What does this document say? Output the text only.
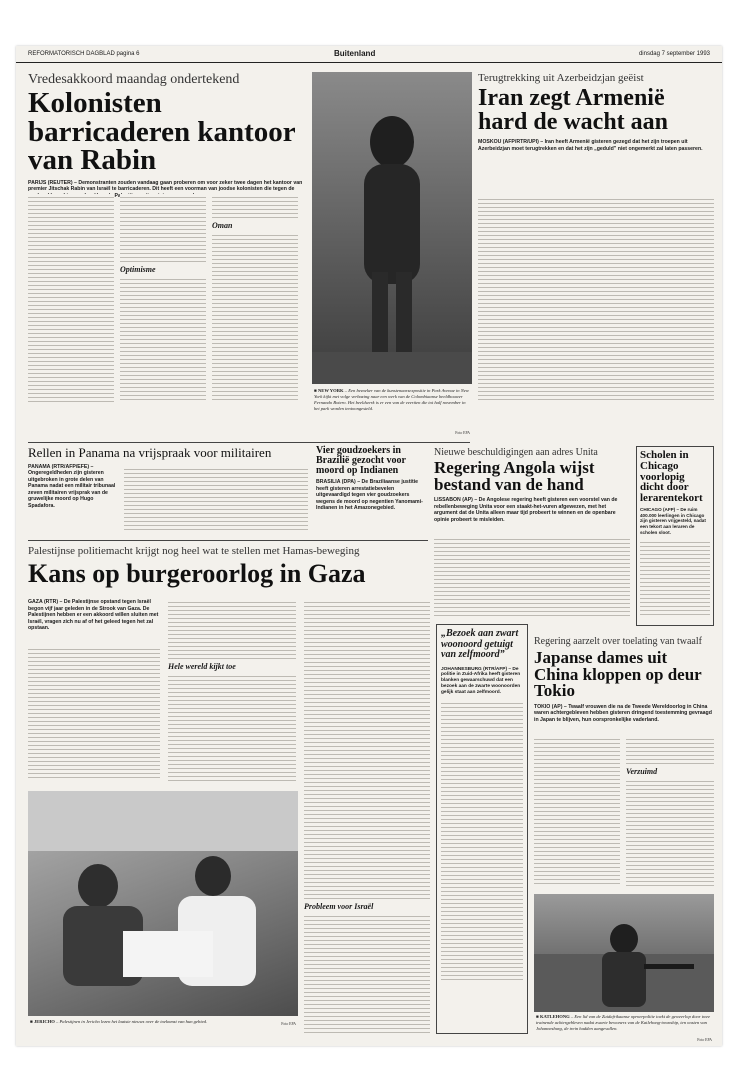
REFORMATORISCH DAGBLAD pagina 6	Buitenland	dinsdag 7 september 1993
Vredesakkoord maandag ondertekend
Kolonisten barricaderen kantoor van Rabin
PARIJS (REUTER) – Demonstranten zouden vandaag gaan proberen om voor zeker twee dagen het kantoor van premier Jitschak Rabin van Israël te barricaderen. Dit heeft een voorman van joodse kolonisten die tegen de
Optimisme
Oman
■ NEW YORK – Een bezoeker van de kunstenaarsexpositie in Park Avenue in New York kijkt met volge verbazing naar een werk van de Colombiaanse beeldhouwer Fernando Botero. Het beeldwerk is er een van de veertien die tot half november in het park worden tentoongesteld.
Foto EPA
Terugtrekking uit Azerbeidzjan geëist
Iran zegt Armenië hard de wacht aan
MOSKOU (AFP/RTR/UPI) – Iran heeft Armenië gisteren gezegd dat het zijn troepen uit Azerbeidzjan moet terugtrekken en dat het zijn „geduld” niet ongemerkt zal laten passeren.
Rellen in Panama na vrijspraak voor militairen
PANAMA (RTR/AFP/EFE) – Ongeregeldheden zijn gisteren uitgebroken in grote delen van Panama nadat een militair tribunaal zeven militairen vrijsprak van de gruwelijke moord op Hugo Spadafora.
Vier goudzoekers in Brazilië gezocht voor moord op Indianen
BRASILIA (DPA) – De Braziliaanse justitie heeft gisteren arrestatiebevelen uitgevaardigd tegen vier goudzoekers wegens de moord op negentien Yanomami-Indianen in het Amazonegebied.
Nieuwe beschuldigingen aan adres Unita
Regering Angola wijst bestand van de hand
LISSABON (AP) – De Angolese regering heeft gisteren een voorstel van de rebellenbeweging Unita voor een staakt-het-vuren afgewezen, met het argument dat de Unita alleen maar tijd probeert te winnen en de openbare opinie probeert te misleiden.
Scholen in Chicago voorlopig dicht door lerarentekort
CHICAGO (AFP) – De ruim 400.000 leerlingen in Chicago zijn gisteren vrijgesteld, nadat een tekort aan leraren de scholen sloot.
Palestijnse politiemacht krijgt nog heel wat te stellen met Hamas-beweging
Kans op burgeroorlog in Gaza
GAZA (RTR) – De Palestijnse opstand tegen Israël begon vijf jaar geleden in de Strook van Gaza. De Palestijnen hebben er een akkoord willen sluiten met Israël, vragen zich nu af of het geleed tegen het zal opstaan.
Hele wereld kijkt toe
Probleem voor Israël
■ JERICHO – Palestijnen in Jericho lezen het laatste nieuws over de toekomst van hun gebied.	Foto EPA
„Bezoek aan zwart woonoord getuigt van zelfmoord”
JOHANNESBURG (RTR/AFP) – De politie in Zuid-Afrika heeft gisteren blanken gewaarschuwd dat een bezoek aan de zwarte woonoorden gelijk staat aan zelfmoord.
Regering aarzelt over toelating van twaalf
Japanse dames uit China kloppen op deur Tokio
TOKIO (AP) – Twaalf vrouwen die na de Tweede Wereldoorlog in China waren achtergebleven hebben gisteren dringend toestemming gevraagd in Japan te blijven, hun oorspronkelijke vaderland.
Verzuimd
■ KATLEHONG – Een lid van de Zuidafrikaanse oproerpolitie toekt de geweerlop door twee trainende achtergebleven nadat zwarte bewoners van de Katlehong-township, ten oosten van Johannesburg, de trein hadden aangevallen.
Foto EPA
